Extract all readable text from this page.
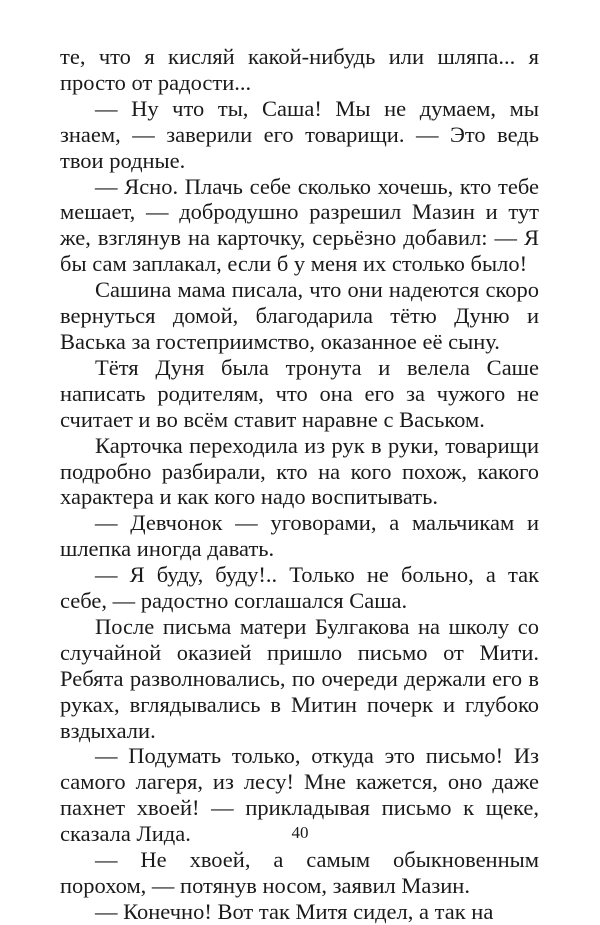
те, что я кисляй какой-нибудь или шляпа... я просто от радости...

— Ну что ты, Саша! Мы не думаем, мы знаем, — заверили его товарищи. — Это ведь твои родные.

— Ясно. Плачь себе сколько хочешь, кто тебе мешает, — добродушно разрешил Мазин и тут же, взглянув на карточку, серьёзно добавил: — Я бы сам заплакал, если б у меня их столько было!

Сашина мама писала, что они надеются скоро вернуться домой, благодарила тётю Дуню и Васька за гостеприимство, оказанное её сыну.

Тётя Дуня была тронута и велела Саше написать родителям, что она его за чужого не считает и во всём ставит наравне с Васьком.

Карточка переходила из рук в руки, товарищи подробно разбирали, кто на кого похож, какого характера и как кого надо воспитывать.

— Девчонок — уговорами, а мальчикам и шлепка иногда давать.

— Я буду, буду!.. Только не больно, а так себе, — радостно соглашался Саша.

После письма матери Булгакова на школу со случайной оказией пришло письмо от Мити. Ребята разволновались, по очереди держали его в руках, вглядывались в Митин почерк и глубоко вздыхали.

— Подумать только, откуда это письмо! Из самого лагеря, из лесу! Мне кажется, оно даже пахнет хвоей! — прикладывая письмо к щеке, сказала Лида.

— Не хвоей, а самым обыкновенным порохом, — потянув носом, заявил Мазин.

— Конечно! Вот так Митя сидел, а так на

40
